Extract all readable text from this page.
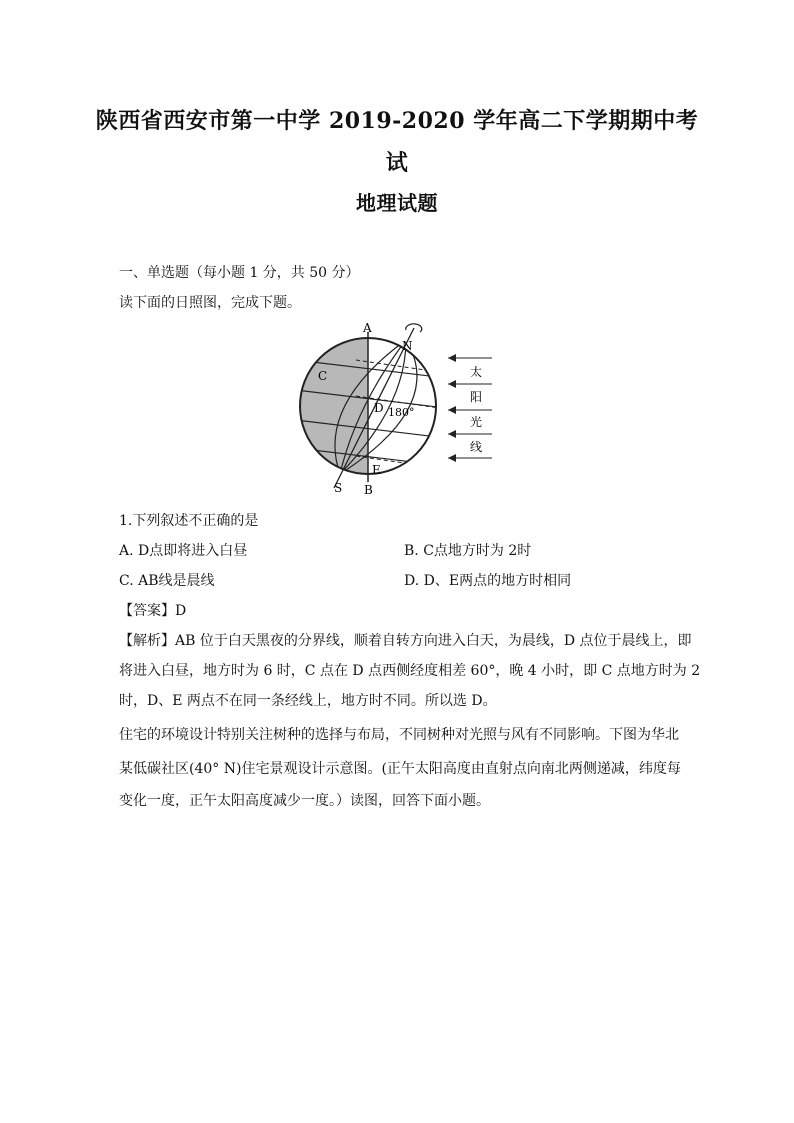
陕西省西安市第一中学 2019-2020 学年高二下学期期中考
试
地理试题
一、单选题（每小题 1 分，共 50 分）
读下面的日照图，完成下题。
A
B
C
D
E
N
S
180°
太
阳
光
线
1.下列叙述不正确的是
A. D点即将进入白昼	B. C点地方时为 2时
C. AB线是晨线	D. D、E两点的地方时相同
【答案】D
【解析】AB 位于白天黑夜的分界线，顺着自转方向进入白天，为晨线，D 点位于晨线上，即
将进入白昼，地方时为 6 时，C 点在 D 点西侧经度相差 60°，晚 4 小时，即 C 点地方时为 2
时，D、E 两点不在同一条经线上，地方时不同。所以选 D。
住宅的环境设计特别关注树种的选择与布局，不同树种对光照与风有不同影响。下图为华北
某低碳社区(40° N)住宅景观设计示意图。(正午太阳高度由直射点向南北两侧递减，纬度每
变化一度，正午太阳高度减少一度。）读图，回答下面小题。
